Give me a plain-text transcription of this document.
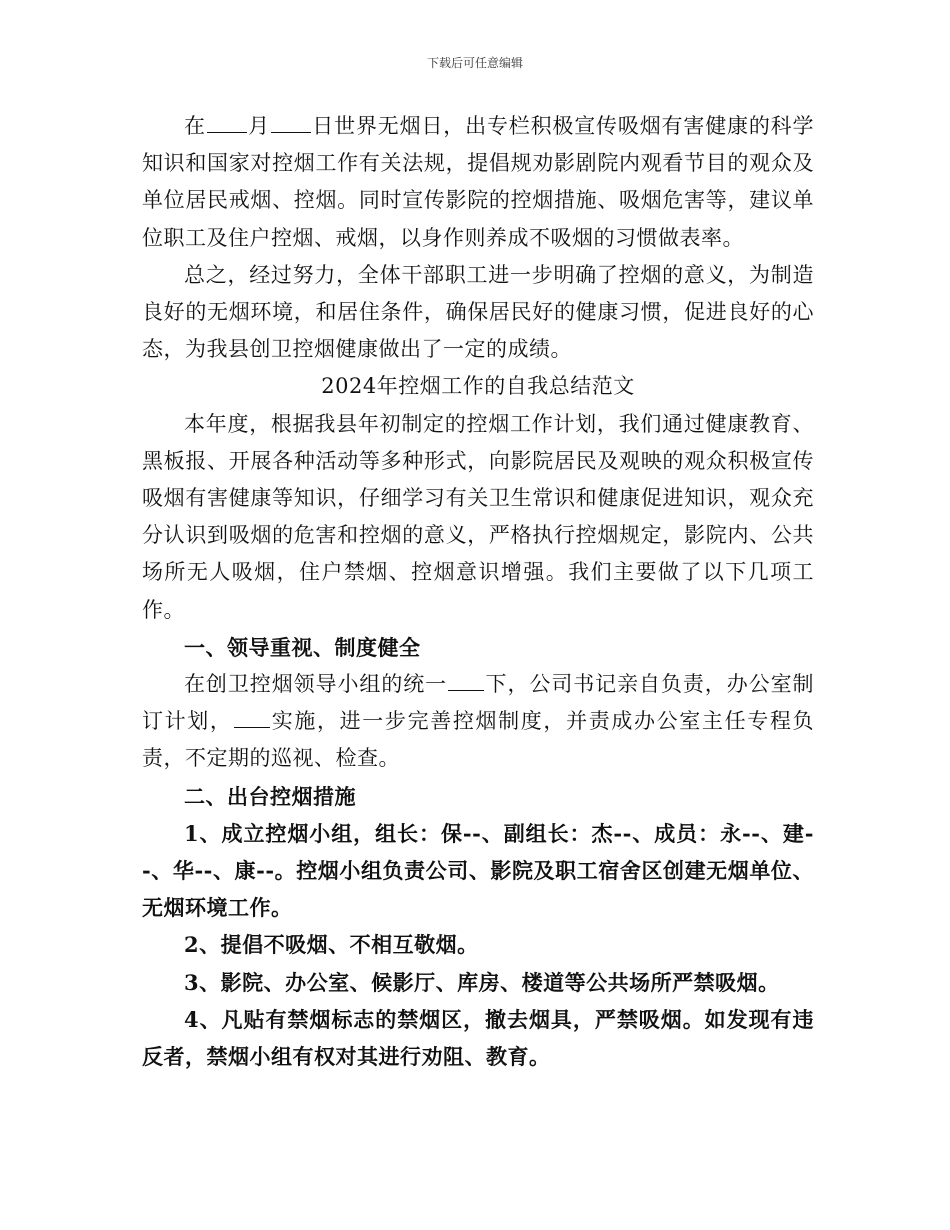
下载后可任意编辑

在 月 日世界无烟日，出专栏积极宣传吸烟有害健康的科学知识和国家对控烟工作有关法规，提倡规劝影剧院内观看节目的观众及单位居民戒烟、控烟。同时宣传影院的控烟措施、吸烟危害等，建议单位职工及住户控烟、戒烟，以身作则养成不吸烟的习惯做表率。

总之，经过努力，全体干部职工进一步明确了控烟的意义，为制造良好的无烟环境，和居住条件，确保居民好的健康习惯，促进良好的心态，为我县创卫控烟健康做出了一定的成绩。

2024年控烟工作的自我总结范文

本年度，根据我县年初制定的控烟工作计划，我们通过健康教育、黑板报、开展各种活动等多种形式，向影院居民及观映的观众积极宣传吸烟有害健康等知识，仔细学习有关卫生常识和健康促进知识，观众充分认识到吸烟的危害和控烟的意义，严格执行控烟规定，影院内、公共场所无人吸烟，住户禁烟、控烟意识增强。我们主要做了以下几项工作。

一、领导重视、制度健全

在创卫控烟领导小组的统一 下，公司书记亲自负责，办公室制订计划， 实施，进一步完善控烟制度，并责成办公室主任专程负责，不定期的巡视、检查。

二、出台控烟措施

1、成立控烟小组，组长：保--、副组长：杰--、成员：永--、建--、华--、康--。控烟小组负责公司、影院及职工宿舍区创建无烟单位、无烟环境工作。

2、提倡不吸烟、不相互敬烟。

3、影院、办公室、候影厅、库房、楼道等公共场所严禁吸烟。

4、凡贴有禁烟标志的禁烟区，撤去烟具，严禁吸烟。如发现有违反者，禁烟小组有权对其进行劝阻、教育。
